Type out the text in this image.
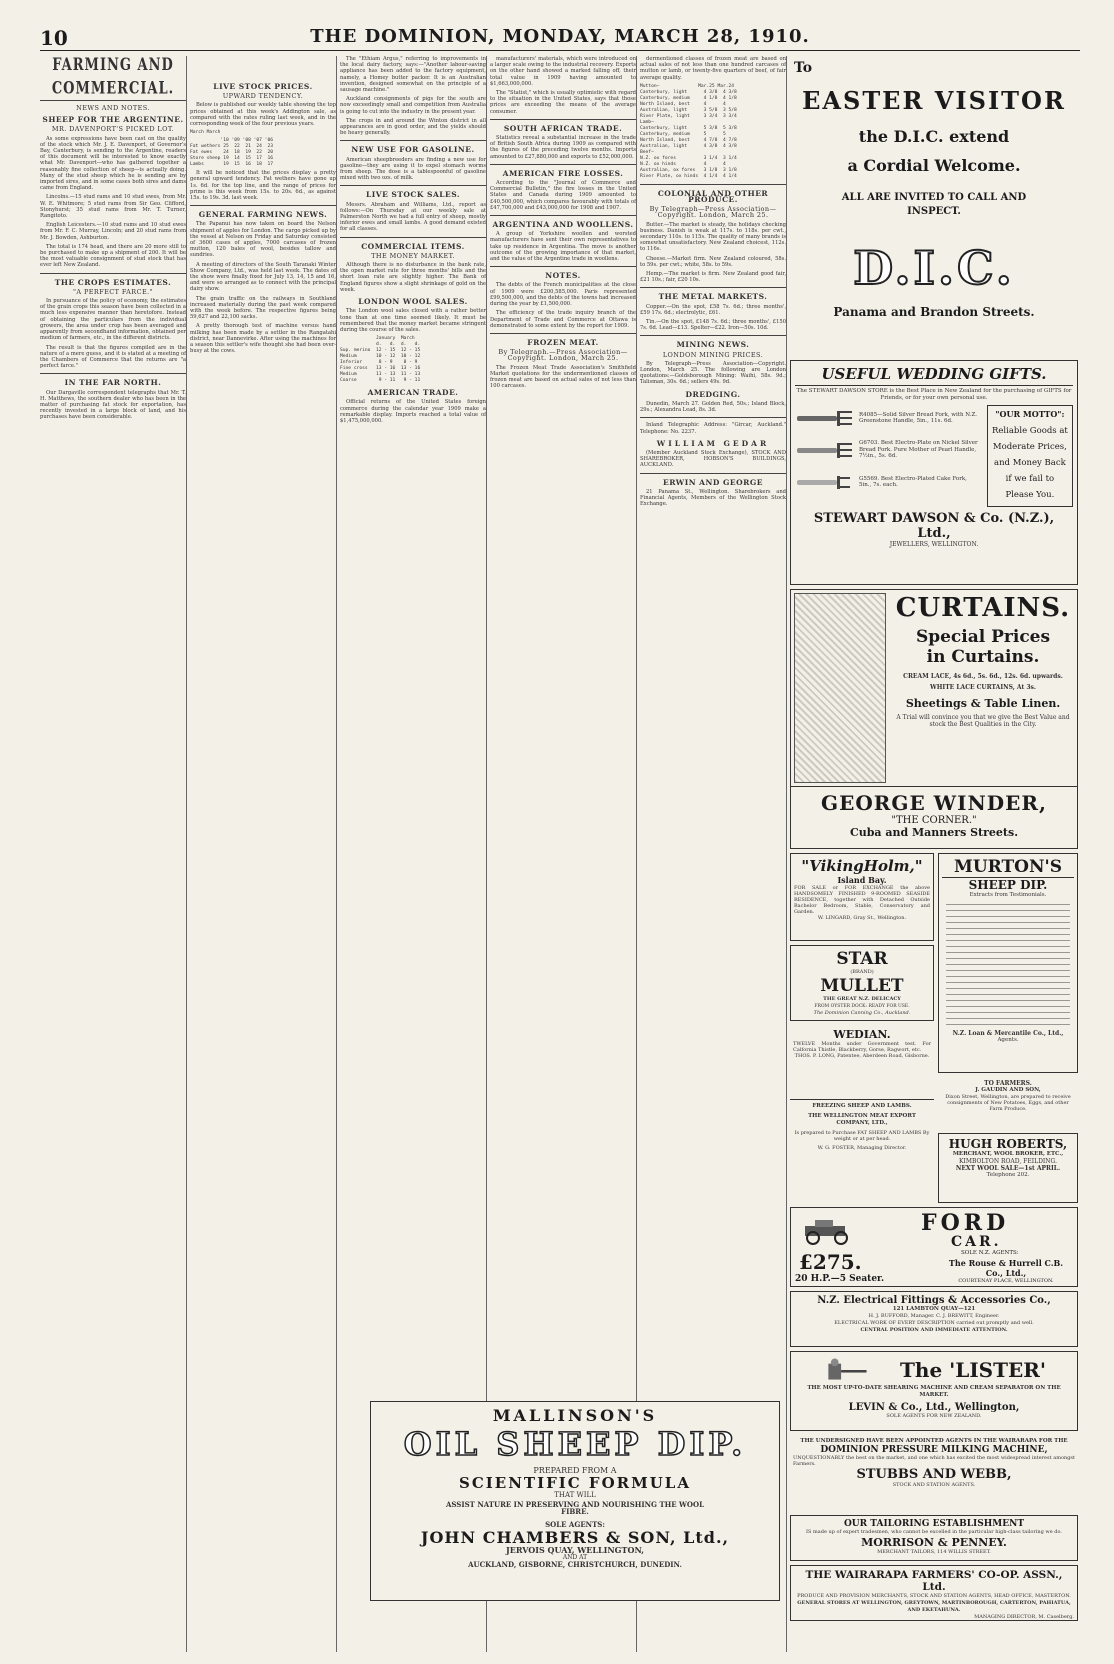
10	THE DOMINION, MONDAY, MARCH 28, 1910.
FARMING AND COMMERCIAL.
NEWS AND NOTES.
SHEEP FOR THE ARGENTINE.
MR. DAVENPORT'S PICKED LOT.

As some expressions have been cast on the quality of the stock which Mr. J. E. Davenport, of Governor's Bay, Canterbury, is sending to the Argentine, readers of this document will be interested to know exactly what Mr. Davenport—who has gathered together a reasonably fine collection of sheep—is actually doing. Many of the stud sheep which he is sending are by imported sires, and in some cases both sires and dams came from England.

Lincolns.—15 stud rams and 10 stud ewes, from Mr. W. E. Whitmore; 5 stud rams from Sir Geo. Clifford, Stonyhurst; 35 stud rams from Mr. T. Turner, Rangitoto.

English Leicesters.—10 stud rams and 10 stud ewes from Mr. F. C. Murray, Lincoln; and 20 stud rams from Mr. J. Bowden, Ashburton.

The total is 174 head, and there are 20 more still to be purchased to make up a shipment of 200. It will be the most valuable consignment of stud stock that has ever left New Zealand.

THE CROPS ESTIMATES.
"A PERFECT FARCE."

In pursuance of the policy of economy, the estimates of the grain crops this season have been collected in a much less expensive manner than heretofore. Instead of obtaining the particulars from the individual growers, the area under crop has been averaged and apparently from secondhand information, obtained per medium of farmers, etc., in the different districts.

The result is that the figures compiled are in the nature of a mere guess, and it is stated at a meeting of the Chambers of Commerce that the returns are "a perfect farce."

IN THE FAR NORTH.

Our Dargaville correspondent telegraphs that Mr. T. H. Matthews, the southern dealer who has been in the matter of purchasing fat stock for exportation, has recently invested in a large block of land, and his purchases have been considerable.

LIVE STOCK PRICES.
UPWARD TENDENCY.

Below is published our weekly table showing the top prices obtained at this week's Addington sale, as compared with the rates ruling last week, and in the corresponding week of the four previous years.

March March
'10 '09 '08 '07 '06
Fat wethers 25  22  21  24  23
Fat ewes    24  18  19  22  20
Store sheep 19  14  15  17  16
Lambs       19  15  16  18  17

It will be noticed that the prices display a pretty general upward tendency. Fat wethers have gone up 1s. 6d. for the top line, and the range of prices for prime is this week from 15s. to 20s. 6d., as against 15s. to 19s. 3d. last week.

GENERAL FARMING NEWS.

The Papanui has now taken on board the Nelson shipment of apples for London. The cargo picked up by the vessel at Nelson on Friday and Saturday consisted of 3600 cases of apples, 7000 carcases of frozen mutton, 120 bales of wool, besides tallow and sundries.

A meeting of directors of the South Taranaki Winter Show Company, Ltd., was held last week. The dates of the show were finally fixed for July 13, 14, 15 and 16, and were so arranged as to connect with the principal dairy show.

The grain traffic on the railways in Southland increased materially during the past week compared with the week before. The respective figures being 59,627 and 22,100 sacks.

A pretty thorough test of machine versus hand milking has been made by a settler in the Rangatahi district, near Dannevirke. After using the machines for a season this settler's wife thought she had been over-busy at the cows.

The "Ethiam Argus," referring to improvements in the local dairy factory, says:—"Another labour-saving appliance has been added to the factory equipment, namely, a Homey butter packer. It is an Australian invention, designed somewhat on the principle of a sausage machine."

Auckland consignments of pigs for the south are now exceedingly small and competition from Australia is going to cut into the industry in the present year.

The crops in and around the Winton district in all appearances are in good order, and the yields should be heavy generally.

NEW USE FOR GASOLINE.

American sheepbreeders are finding a new use for gasoline—they are using it to expel stomach worms from sheep. The dose is a tablespoonful of gasoline mixed with two ozs. of milk.

LIVE STOCK SALES.

Messrs. Abraham and Williams, Ltd., report as follows:—On Thursday at our weekly sale at Palmerston North we had a full entry of sheep, mostly inferior ewes and small lambs. A good demand existed for all classes.

COMMERCIAL ITEMS.
THE MONEY MARKET.

Although there is no disturbance in the bank rate, the open market rate for three months' bills and the short loan rate are slightly higher. The Bank of England figures show a slight shrinkage of gold on the week.

LONDON WOOL SALES.

The London wool sales closed with a rather better tone than at one time seemed likely. It must be remembered that the money market became stringent during the course of the sales.

January  March
d.   d.  d.   d.
Sup. merino  12 - 15  12 - 15
Medium       10 - 12  10 - 12
Inferior      8 - 9    8 - 9
Fine cross   13 - 16  13 - 16
Medium       11 - 13  11 - 13
Coarse        9 - 11   9 - 11
AMERICAN TRADE.

Official returns of the United States foreign commerce during the calendar year 1909 make a remarkable display. Imports reached a total value of $1,475,000,000.

manufacturers' materials, which were introduced on a larger scale owing to the industrial recovery. Exports on the other hand showed a marked falling off, their total value in 1909 having amounted to $1,663,000,000.

The "Statist," which is usually optimistic with regard to the situation in the United States, says that those prices are exceeding the means of the average consumer.

SOUTH AFRICAN TRADE.

Statistics reveal a substantial increase in the trade of British South Africa during 1909 as compared with the figures of the preceding twelve months. Imports amounted to £27,880,000 and exports to £52,000,000.

AMERICAN FIRE LOSSES.

According to the "Journal of Commerce and Commercial Bulletin," the fire losses in the United States and Canada during 1909 amounted to £40,500,000, which compares favourably with totals of £47,700,000 and £43,000,000 for 1908 and 1907.

ARGENTINA AND WOOLLENS.

A group of Yorkshire woollen and worsted manufacturers have sent their own representatives to take up residence in Argentina. The move is another outcome of the growing importance of that market, and the value of the Argentine trade in woollens.

NOTES.

The debts of the French municipalities at the close of 1909 were £200,585,000. Paris represented £99,500,000, and the debts of the towns had increased during the year by £1,500,000.

The efficiency of the trade inquiry branch of the Department of Trade and Commerce at Ottawa is demonstrated to some extent by the report for 1909.

FROZEN MEAT.
By Telegraph.—Press Association—Copyright. London, March 25.

The Frozen Meat Trade Association's Smithfield Market quotations for the undermentioned classes of frozen meat are based on actual sales of not less than 100 carcases.

dermentioned classes of frozen meat are based on actual sales of not less than one hundred carcases of mutton or lamb, or twenty-five quarters of beef, of fair average quality.

Mutton—              Mar.25 Mar.24
Canterbury, light      4 3/8  4 3/8
Canterbury, medium     4 1/8  4 1/8
North Island, best     4      4
Australian, light      3 5/8  3 5/8
River Plate, light     3 3/4  3 3/4
Lamb—
Canterbury, light      5 3/8  5 3/8
Canterbury, medium     5      5
North Island, best     4 7/8  4 7/8
Australian, light      4 3/8  4 3/8
Beef—
N.Z. ox fores          3 1/4  3 1/4
N.Z. ox hinds          4      4
Australian, ox fores   3 1/8  3 1/8
River Plate, ox hinds  4 1/4  4 1/4
COLONIAL AND OTHER PRODUCE.
By Telegraph—Press Association—Copyright. London, March 25.

Butter.—The market is steady, the holidays checking business. Danish is weak at 117s. to 118s. per cwt., secondary 110s. to 115s. The quality of many brands is somewhat unsatisfactory. New Zealand choicest, 112s. to 116s.

Cheese.—Market firm. New Zealand coloured, 58s. to 59s. per cwt.; white, 58s. to 59s.

Hemp.—The market is firm. New Zealand good fair, £21 10s.; fair, £20 10s.

THE METAL MARKETS.

Copper.—On the spot, £58 7s. 6d.; three months', £59 17s. 6d.; electrolytic, £61.

Tin.—On the spot, £148 7s. 6d.; three months', £150 7s. 6d. Lead—£13. Spelter—£22. Iron—50s. 10d.

MINING NEWS.
LONDON MINING PRICES.

By Telegraph—Press Association—Copyright. London, March 25. The following are London quotations:—Goldsborough Mining: Waihi, 58s. 9d.; Talisman, 30s. 6d.; sellers 49s. 9d.

DREDGING.

Dunedin, March 27. Golden Red, 50s.; Island Block, 29s.; Alexandra Lead, 8s. 3d.

Inland Telegraphic Address: "Gircar, Auckland." Telephone: No. 2237.

WILLIAM GEDAR

(Member Auckland Stock Exchange), STOCK AND SHAREBROKER, HOBSON'S BUILDINGS, AUCKLAND.

ERWIN AND GEORGE

21 Panama St., Wellington. Sharebrokers and Financial Agents, Members of the Wellington Stock Exchange.

To
EASTER VISITOR
the D.I.C. extend
a Cordial Welcome.
ALL ARE INVITED TO CALL AND INSPECT.
D.I.C.
Panama and Brandon Streets.
USEFUL WEDDING GIFTS.
The STEWART DAWSON STORE is the Best Place in New Zealand for the purchasing of GIFTS for Friends, or for your own personal use.
R4085—Solid Silver Bread Fork, with N.Z. Greenstone Handle, 5in., 11s. 6d.
G6703. Best Electro-Plate on Nickel Silver Bread Fork. Pure Mother of Pearl Handle, 7½in., 5s. 6d.
G5569. Best Electro-Plated Cake Fork, 5in., 7s. each.
"OUR MOTTO":
Reliable Goods at Moderate Prices, and Money Back if we fail to Please You.
STEWART DAWSON & Co. (N.Z.), Ltd.,
JEWELLERS, WELLINGTON.
CURTAINS.
Special Prices
in Curtains.
CREAM LACE, 4s 6d., 5s. 6d., 12s. 6d. upwards.
WHITE LACE CURTAINS, At 3s.
Sheetings & Table Linen.
A Trial will convince you that we give the Best Value and stock the Best Qualities in the City.
GEORGE WINDER,
"THE CORNER."
Cuba and Manners Streets.
"VikingHolm,"
Island Bay.
FOR SALE or FOR EXCHANGE the above HANDSOMELY FINISHED 9-ROOMED SEASIDE RESIDENCE, together with Detached Outside Bachelor Bedroom, Stable, Conservatory and Garden.
W. LINGARD, Gray St., Wellington.
STAR
(BRAND)
MULLET
THE GREAT N.Z. DELICACY
FROM OYSTER DOCK: READY FOR USE.
The Dominion Canning Co., Auckland.
WEDIAN.
TWELVE Months under Government test. For Calfornia Thistle, Blackberry, Gorse, Ragwort, etc.
THOS. P. LONG, Patentee, Aberdeen Road, Gisborne.
FREEZING SHEEP AND LAMBS.
THE WELLINGTON MEAT EXPORT COMPANY, LTD.,
Is prepared to Purchase FAT SHEEP AND LAMBS By weight or at per head.
W. G. FOSTER, Managing Director.
MURTON'S
SHEEP DIP.
Extracts from Testimonials.
N.Z. Loan & Mercantile Co., Ltd.,
Agents.
TO FARMERS.
J. GAUDIN AND SON,
Dixon Street, Wellington, are prepared to receive consignments of New Potatoes, Eggs, and other Farm Produce.
HUGH ROBERTS,
MERCHANT, WOOL BROKER, ETC.,
KIMBOLTON ROAD, FEILDING.
NEXT WOOL SALE—1st APRIL.
Telephone 202.
FORD
CAR.
£275.
20 H.P.—5 Seater.
SOLE N.Z. AGENTS:
The Rouse & Hurrell C.B. Co., Ltd.,
COURTENAY PLACE, WELLINGTON.
N.Z. Electrical Fittings & Accessories Co.,
121 LAMBTON QUAY—121
H. J. BUFFORD, Manager. C. J. BREWITT, Engineer.
ELECTRICAL WORK OF EVERY DESCRIPTION carried out promptly and well.
CENTRAL POSITION AND IMMEDIATE ATTENTION.
The 'LISTER'
THE MOST UP-TO-DATE SHEARING MACHINE AND CREAM SEPARATOR ON THE MARKET.
LEVIN & Co., Ltd., Wellington,
SOLE AGENTS FOR NEW ZEALAND.
MALLINSON'S
OIL SHEEP DIP.
PREPARED FROM A
SCIENTIFIC FORMULA
THAT WILL
ASSIST NATURE IN PRESERVING AND NOURISHING THE WOOL FIBRE.
SOLE AGENTS:
JOHN CHAMBERS & SON, Ltd.,
JERVOIS QUAY, WELLINGTON,
AND AT
AUCKLAND, GISBORNE, CHRISTCHURCH, DUNEDIN.
THE UNDERSIGNED HAVE BEEN APPOINTED AGENTS IN THE WAIRARAPA FOR THE
DOMINION PRESSURE MILKING MACHINE,
UNQUESTIONABLY the best on the market, and one which has excited the most widespread interest amongst Farmers.
STUBBS AND WEBB,
STOCK AND STATION AGENTS.
OUR TAILORING ESTABLISHMENT
IS made up of expert tradesmen, who cannot be excelled in the particular high-class tailoring we do.
MORRISON & PENNEY.
MERCHANT TAILORS, 114 WILLIS STREET.
THE WAIRARAPA FARMERS' CO-OP. ASSN., Ltd.
PRODUCE AND PROVISION MERCHANTS, STOCK AND STATION AGENTS, HEAD OFFICE, MASTERTON.
GENERAL STORES AT WELLINGTON, GREYTOWN, MARTINBOROUGH, CARTERTON, PAHIATUA, AND EKETAHUNA.
MANAGING DIRECTOR, M. Caselberg.
